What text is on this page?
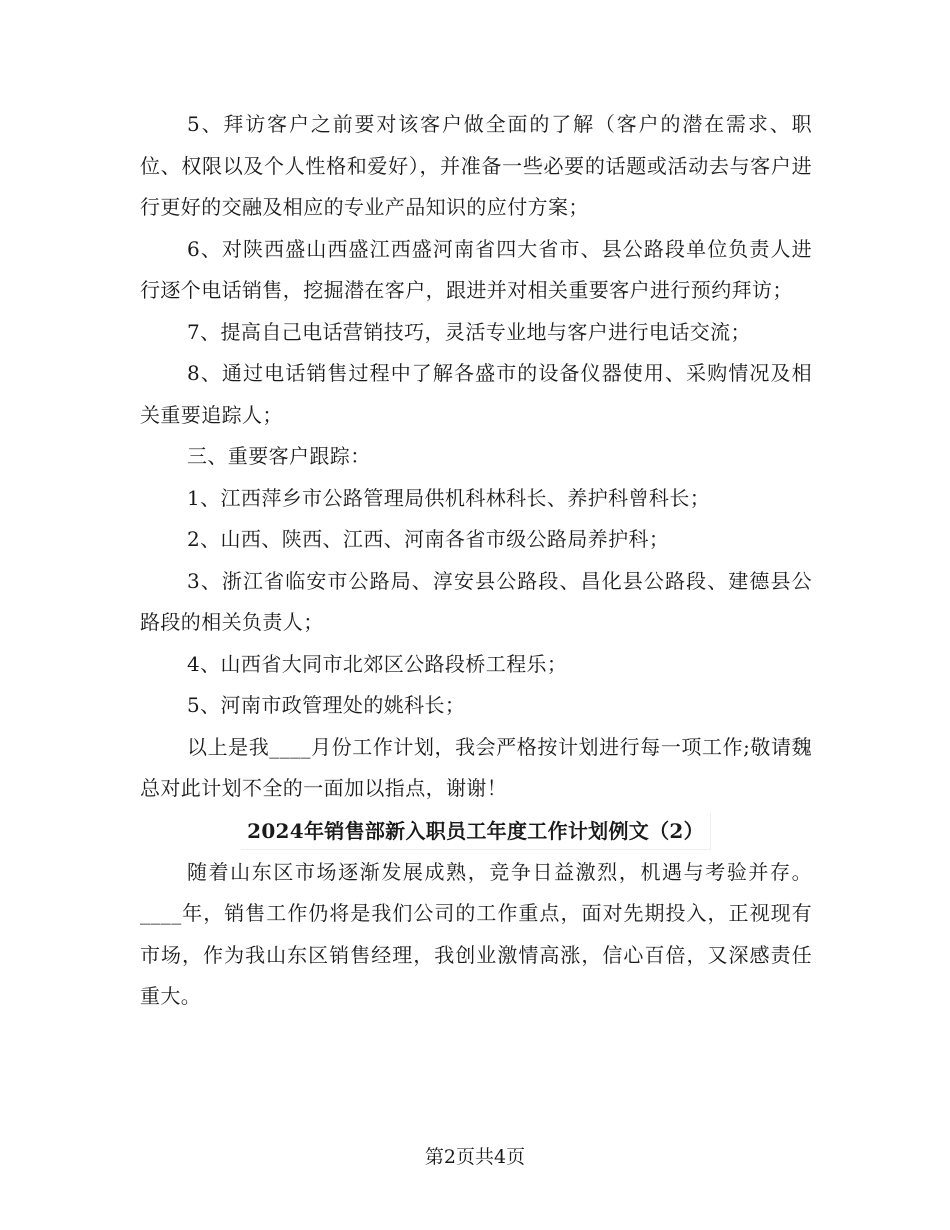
5、拜访客户之前要对该客户做全面的了解（客户的潜在需求、职位、权限以及个人性格和爱好），并准备一些必要的话题或活动去与客户进行更好的交融及相应的专业产品知识的应付方案；

6、对陕西盛山西盛江西盛河南省四大省市、县公路段单位负责人进行逐个电话销售，挖掘潜在客户，跟进并对相关重要客户进行预约拜访；

7、提高自己电话营销技巧，灵活专业地与客户进行电话交流；

8、通过电话销售过程中了解各盛市的设备仪器使用、采购情况及相关重要追踪人；

三、重要客户跟踪：

1、江西萍乡市公路管理局供机科林科长、养护科曾科长；

2、山西、陕西、江西、河南各省市级公路局养护科；

3、浙江省临安市公路局、淳安县公路段、昌化县公路段、建德县公路段的相关负责人；

4、山西省大同市北郊区公路段桥工程乐；

5、河南市政管理处的姚科长；

以上是我____月份工作计划，我会严格按计划进行每一项工作;敬请魏总对此计划不全的一面加以指点，谢谢！

2024年销售部新入职员工年度工作计划例文（2）

随着山东区市场逐渐发展成熟，竞争日益激烈，机遇与考验并存。____年，销售工作仍将是我们公司的工作重点，面对先期投入，正视现有市场，作为我山东区销售经理，我创业激情高涨，信心百倍，又深感责任重大。

第2页共4页
